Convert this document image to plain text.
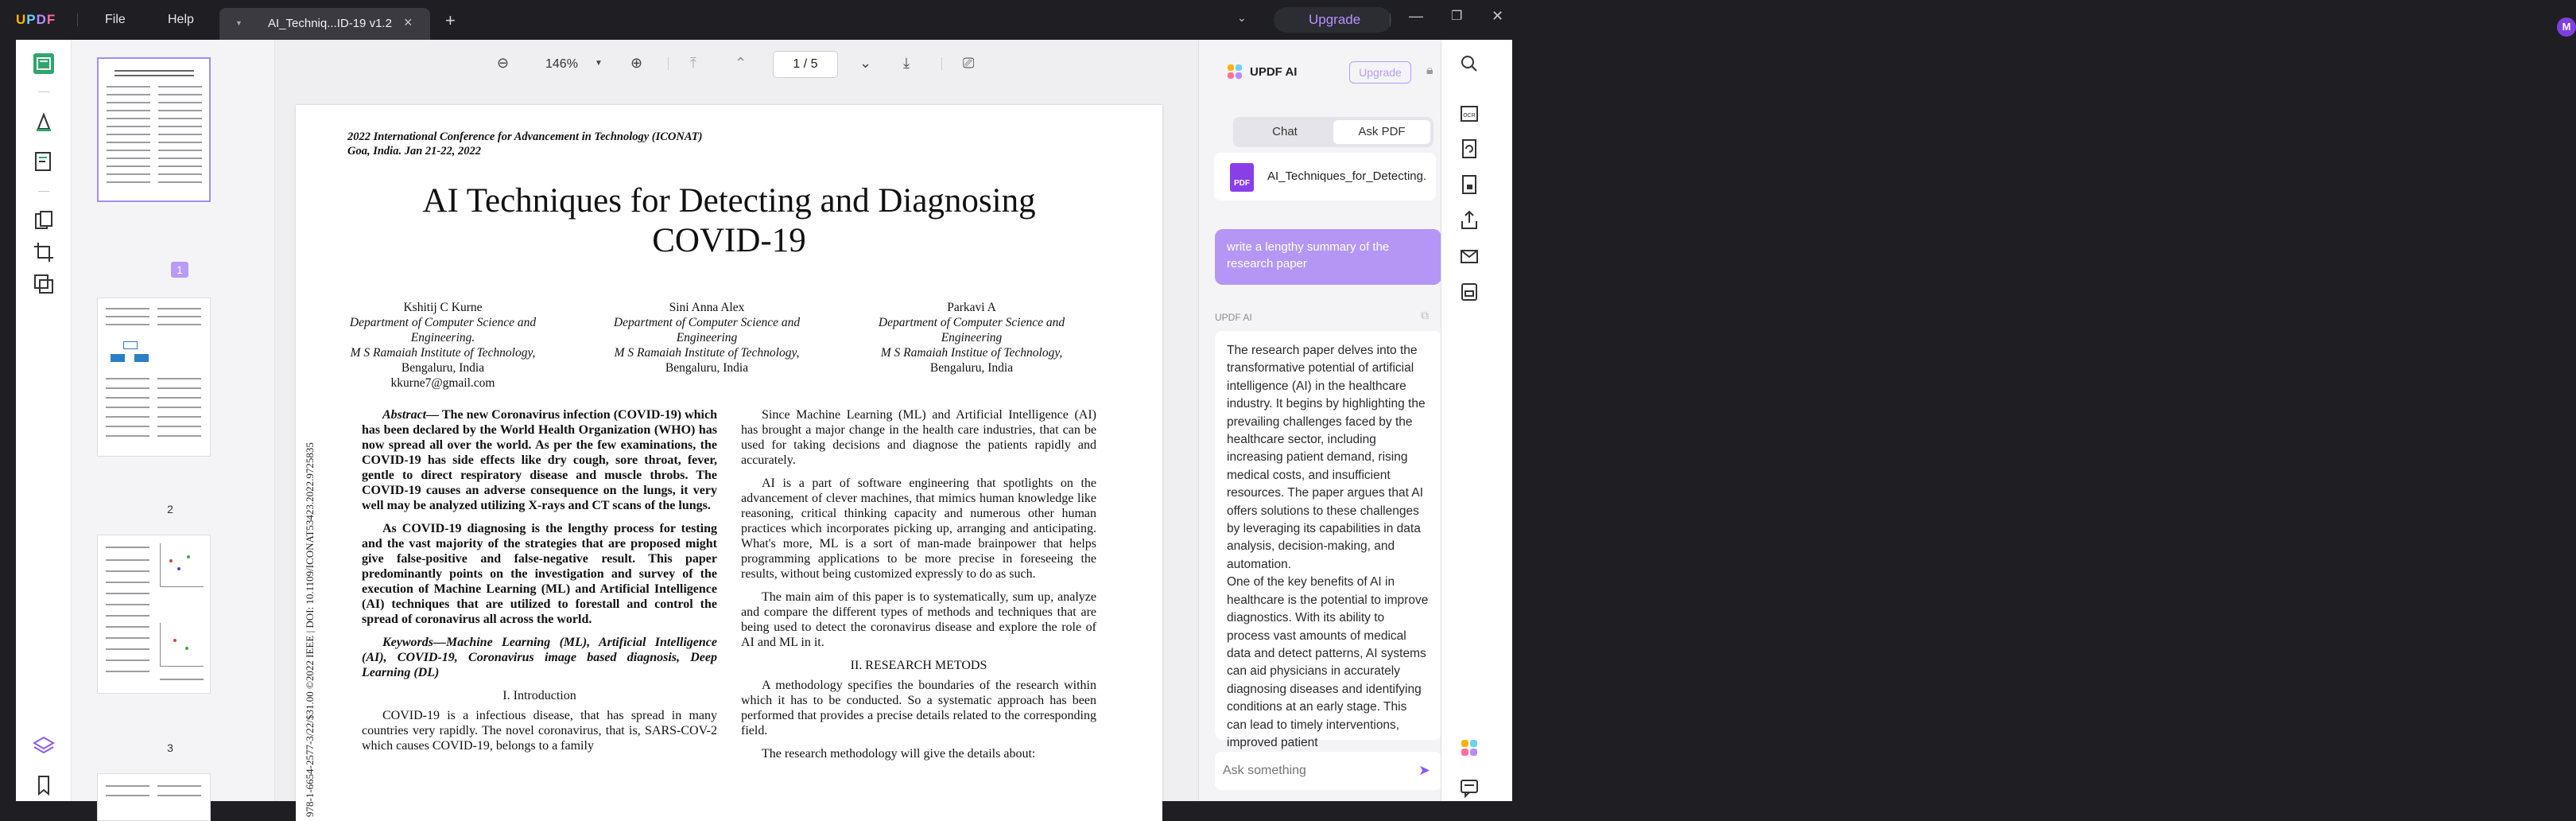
UPDF	File	Help	▼ AI_Techniq...ID-19 v1.2 × +	⌄
M
Upgrade	— ❐ ✕
1
2
3
⊖	146% ▼ ⊕	⤒	⌃	1 / 5	⌄ ⤓	⎚
2022 International Conference for Advancement in Technology (ICONAT)
Goa, India. Jan 21-22, 2022
AI Techniques for Detecting and Diagnosing
COVID-19
Kshitij C Kurne
Department of Computer Science and
Engineering.
M S Ramaiah Institute of Technology,
Bengaluru, India
kkurne7@gmail.com
Sini Anna Alex
Department of Computer Science and
Engineering
M S Ramaiah Institute of Technology,
Bengaluru, India
Parkavi A
Department of Computer Science and
Engineering
M S Ramaiah Institue of Technology,
Bengaluru, India

Abstract— The new Coronavirus infection (COVID-19) which has been declared by the World Health Organization (WHO) has now spread all over the world. As per the few examinations, the COVID-19 has side effects like dry cough, sore throat, fever, gentle to direct respiratory disease and muscle throbs. The COVID-19 causes an adverse consequence on the lungs, it very well may be analyzed utilizing X-rays and CT scans of the lungs.

As COVID-19 diagnosing is the lengthy process for testing and the vast majority of the strategies that are proposed might give false-positive and false-negative result. This paper predominantly points on the investigation and survey of the execution of Machine Learning (ML) and Artificial Intelligence (AI) techniques that are utilized to forestall and control the spread of coronavirus all across the world.

Keywords—Machine Learning (ML), Artificial Intelligence (AI), COVID-19, Coronavirus image based diagnosis, Deep Learning (DL)

I. Introduction

COVID-19 is a infectious disease, that has spread in many countries very rapidly. The novel coronavirus, that is, SARS-COV-2 which causes COVID-19, belongs to a family

Since Machine Learning (ML) and Artificial Intelligence (AI) has brought a major change in the health care industries, that can be used for taking decisions and diagnose the patients rapidly and accurately.

AI is a part of software engineering that spotlights on the advancement of clever machines, that mimics human knowledge like reasoning, critical thinking capacity and numerous other human practices which incorporates picking up, arranging and anticipating. What's more, ML is a sort of man-made brainpower that helps programming applications to be more precise in foreseeing the results, without being customized expressly to do as such.

The main aim of this paper is to systematically, sum up, analyze and compare the different types of methods and techniques that are being used to detect the coronavirus disease and explore the role of AI and ML in it.

II. RESEARCH METODS

A methodology specifies the boundaries of the research within which it has to be conducted. So a systematic approach has been performed that provides a precise details related to the corresponding field.

The research methodology will give the details about:

978-1-6654-2577-3/22/$31.00 ©2022 IEEE | DOI: 10.1109/ICONAT53423.2022.9725835
UPDF AI	Upgrade	🔒︎
Chat	Ask PDF
PDF
AI_Techniques_for_Detecting.
write a lengthy summary of the research paper
UPDF AI	⧉
The research paper delves into the transformative potential of artificial intelligence (AI) in the healthcare industry. It begins by highlighting the prevailing challenges faced by the healthcare sector, including increasing patient demand, rising medical costs, and insufficient resources. The paper argues that AI offers solutions to these challenges by leveraging its capabilities in data analysis, decision-making, and automation.
One of the key benefits of AI in healthcare is the potential to improve diagnostics. With its ability to process vast amounts of medical data and detect patterns, AI systems can aid physicians in accurately diagnosing diseases and identifying conditions at an early stage. This can lead to timely interventions, improved patient
Ask something
➤
OCR
